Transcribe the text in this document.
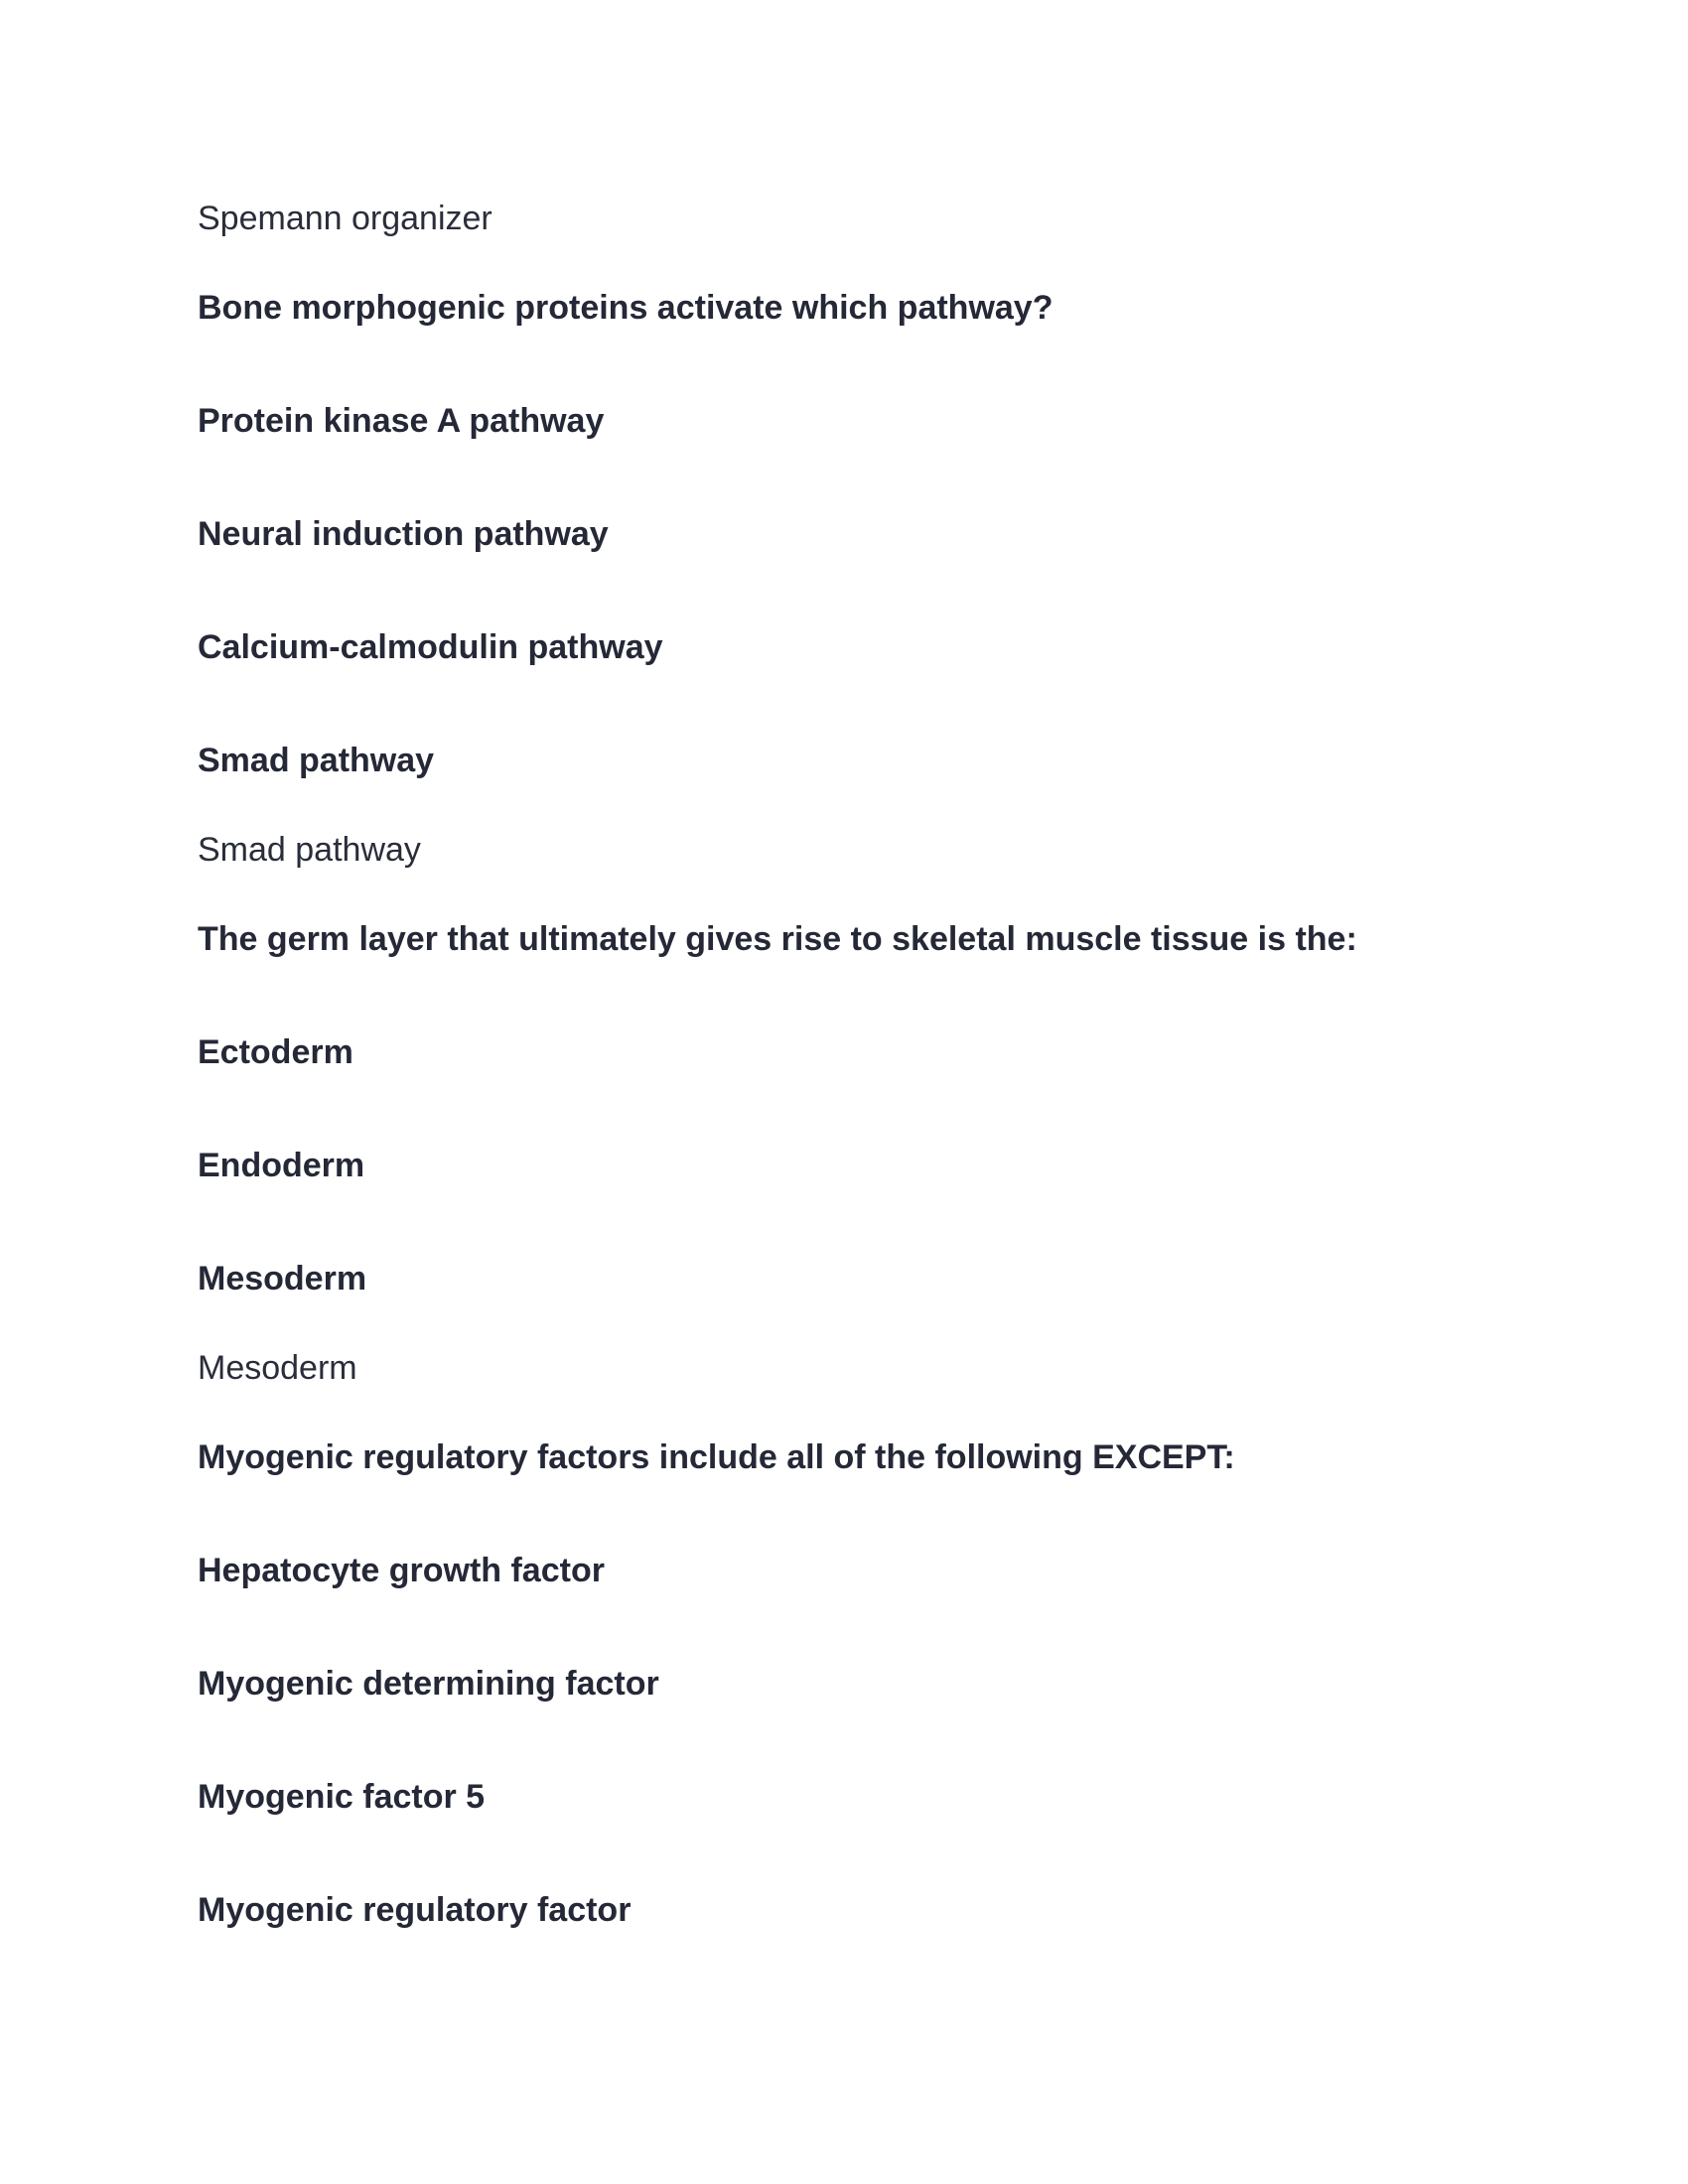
Spemann organizer
Bone morphogenic proteins activate which pathway?
Protein kinase A pathway
Neural induction pathway
Calcium-calmodulin pathway
Smad pathway
Smad pathway
The germ layer that ultimately gives rise to skeletal muscle tissue is the:
Ectoderm
Endoderm
Mesoderm
Mesoderm
Myogenic regulatory factors include all of the following EXCEPT:
Hepatocyte growth factor
Myogenic determining factor
Myogenic factor 5
Myogenic regulatory factor
